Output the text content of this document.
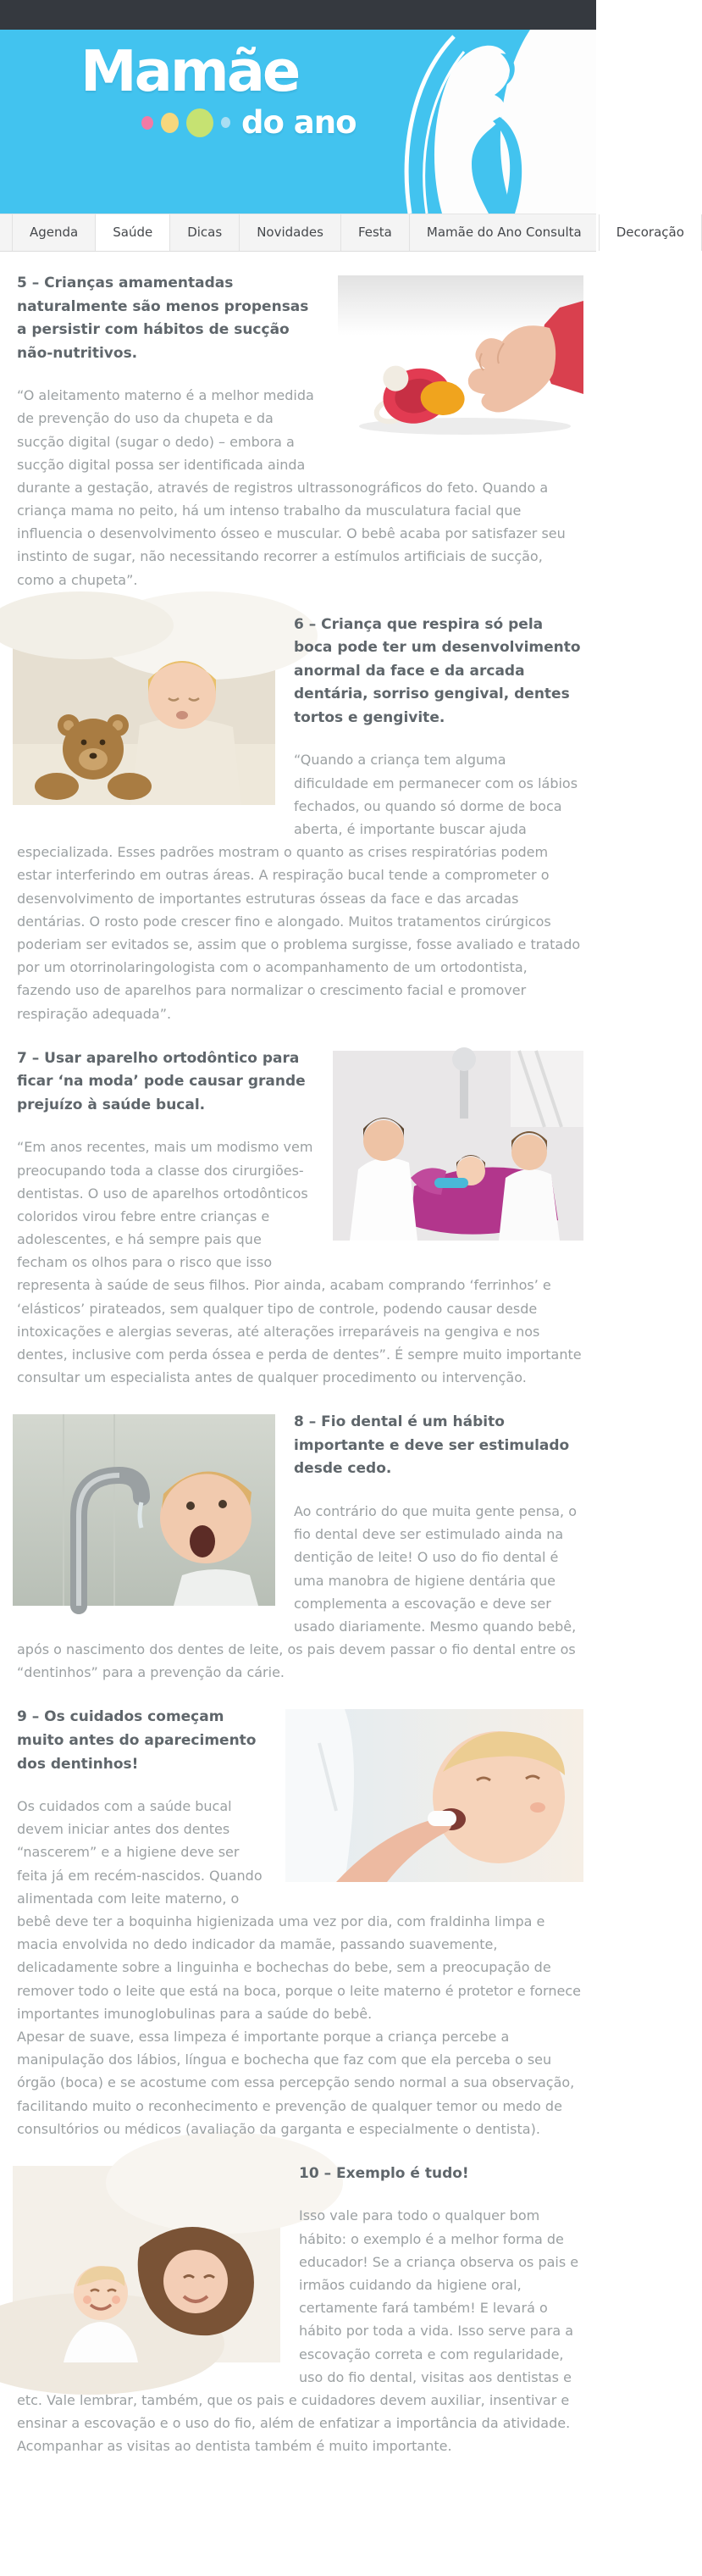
Mamãe
do ano
Agenda	Saúde	Dicas	Novidades	Festa	Mamãe do Ano Consulta	Decoração
5 – Crianças amamentadas naturalmente são menos propensas a persistir com hábitos de sucção não-nutritivos.

“O aleitamento materno é a melhor medida de prevenção do uso da chupeta e da sucção digital (sugar o dedo) – embora a sucção digital possa ser identificada ainda durante a gestação, através de registros ultrassonográficos do feto. Quando a criança mama no peito, há um intenso trabalho da musculatura facial que influencia o desenvolvimento ósseo e muscular. O bebê acaba por satisfazer seu instinto de sugar, não necessitando recorrer a estímulos artificiais de sucção, como a chupeta”.

6 – Criança que respira só pela boca pode ter um desenvolvimento anormal da face e da arcada dentária, sorriso gengival, dentes tortos e gengivite.

“Quando a criança tem alguma dificuldade em permanecer com os lábios fechados, ou quando só dorme de boca aberta, é importante buscar ajuda especializada. Esses padrões mostram o quanto as crises respiratórias podem estar interferindo em outras áreas. A respiração bucal tende a comprometer o desenvolvimento de importantes estruturas ósseas da face e das arcadas dentárias. O rosto pode crescer fino e alongado. Muitos tratamentos cirúrgicos poderiam ser evitados se, assim que o problema surgisse, fosse avaliado e tratado por um otorrinolaringologista com o acompanhamento de um ortodontista, fazendo uso de aparelhos para normalizar o crescimento facial e promover respiração adequada”.

7 – Usar aparelho ortodôntico para ficar ‘na moda’ pode causar grande prejuízo à saúde bucal.

“Em anos recentes, mais um modismo vem preocupando toda a classe dos cirurgiões-dentistas. O uso de aparelhos ortodônticos coloridos virou febre entre crianças e adolescentes, e há sempre pais que fecham os olhos para o risco que isso representa à saúde de seus filhos. Pior ainda, acabam comprando ‘ferrinhos’ e ‘elásticos’ pirateados, sem qualquer tipo de controle, podendo causar desde intoxicações e alergias severas, até alterações irreparáveis na gengiva e nos dentes, inclusive com perda óssea e perda de dentes”. É sempre muito importante consultar um especialista antes de qualquer procedimento ou intervenção.

8 – Fio dental é um hábito importante e deve ser estimulado desde cedo.

Ao contrário do que muita gente pensa, o fio dental deve ser estimulado ainda na dentição de leite! O uso do fio dental é uma manobra de higiene dentária que complementa a escovação e deve ser usado diariamente. Mesmo quando bebê, após o nascimento dos dentes de leite, os pais devem passar o fio dental entre os “dentinhos” para a prevenção da cárie.

9 – Os cuidados começam muito antes do aparecimento dos dentinhos!

Os cuidados com a saúde bucal devem iniciar antes dos dentes “nascerem” e a higiene deve ser feita já em recém-nascidos. Quando alimentada com leite materno, o bebê deve ter a boquinha higienizada uma vez por dia, com fraldinha limpa e macia envolvida no dedo indicador da mamãe, passando suavemente, delicadamente sobre a linguinha e bochechas do bebe, sem a preocupação de remover todo o leite que está na boca, porque o leite materno é protetor e fornece importantes imunoglobulinas para a saúde do bebê.

Apesar de suave, essa limpeza é importante porque a criança percebe a manipulação dos lábios, língua e bochecha que faz com que ela perceba o seu órgão (boca) e se acostume com essa percepção sendo normal a sua observação, facilitando muito o reconhecimento e prevenção de qualquer temor ou medo de consultórios ou médicos (avaliação da garganta e especialmente o dentista).

10 – Exemplo é tudo!

Isso vale para todo o qualquer bom hábito: o exemplo é a melhor forma de educador! Se a criança observa os pais e irmãos cuidando da higiene oral, certamente fará também! E levará o hábito por toda a vida. Isso serve para a escovação correta e com regularidade, uso do fio dental, visitas aos dentistas e etc. Vale lembrar, também, que os pais e cuidadores devem auxiliar, insentivar e ensinar a escovação e o uso do fio, além de enfatizar a importância da atividade. Acompanhar as visitas ao dentista também é muito importante.
